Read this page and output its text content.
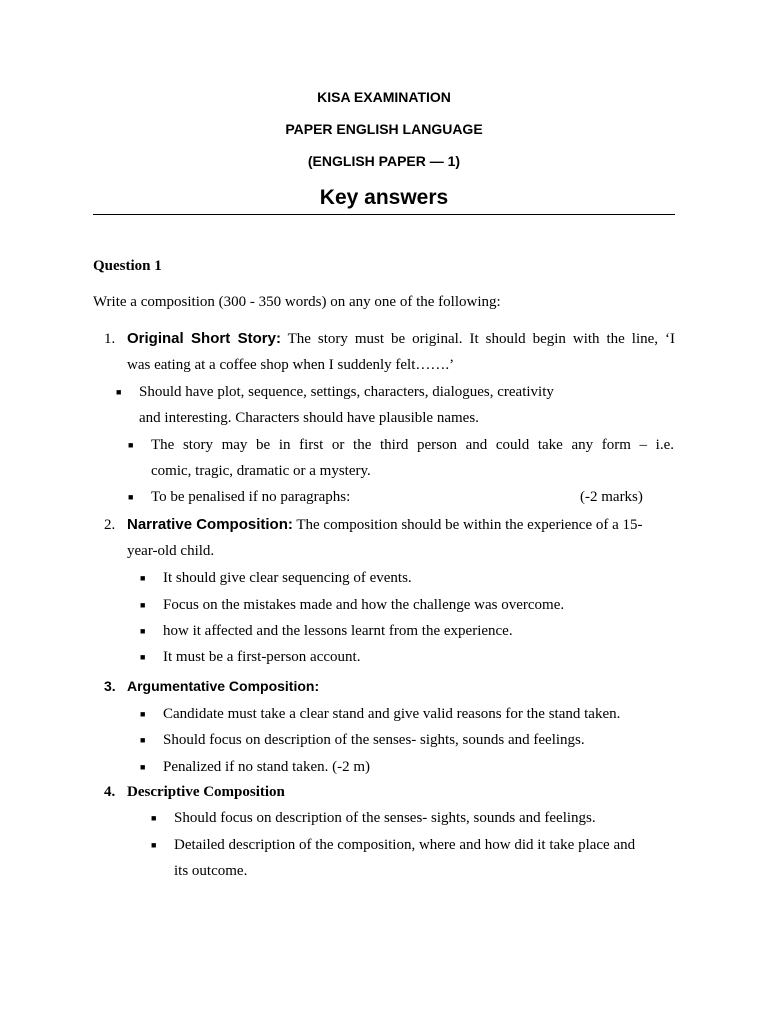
KISA EXAMINATION
PAPER ENGLISH LANGUAGE
(ENGLISH PAPER — 1)
Key answers
Question 1
Write a composition (300 - 350 words) on any one of the following:
1. Original Short Story: The story must be original. It should begin with the line, ‘I
was eating at a coffee shop when I suddenly felt…….’
■ Should have plot, sequence, settings, characters, dialogues, creativity
and interesting. Characters should have plausible names.
■ The story may be in first or the third person and could take any form – i.e.
comic, tragic, dramatic or a mystery.
■ To be penalised if no paragraphs:	(-2 marks)
2. Narrative Composition: The composition should be within the experience of a 15-
year-old child.
■ It should give clear sequencing of events.
■ Focus on the mistakes made and how the challenge was overcome.
■ how it affected and the lessons learnt from the experience.
■ It must be a first-person account.
3. Argumentative Composition:
■ Candidate must take a clear stand and give valid reasons for the stand taken.
■ Should focus on description of the senses- sights, sounds and feelings.
■ Penalized if no stand taken. (-2 m)
4. Descriptive Composition
■ Should focus on description of the senses- sights, sounds and feelings.
■ Detailed description of the composition, where and how did it take place and
its outcome.
